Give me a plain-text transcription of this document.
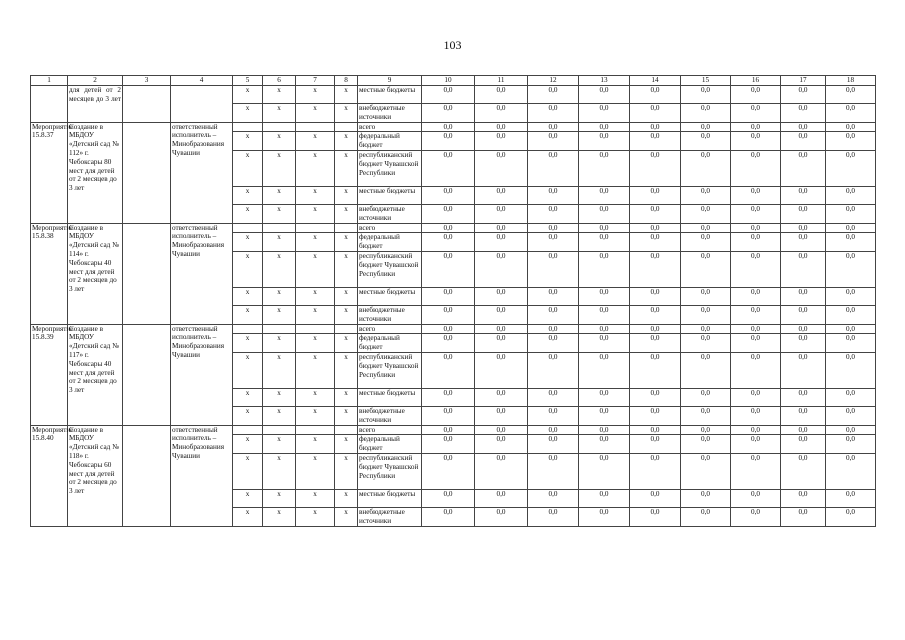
103
1	2	3	4	5	6	7	8	9	10	11	12	13	14	15	16	17	18
	для детей от 2 месяцев до 3 лет			х	х	х	х	местные бюджеты	0,0	0,0	0,0	0,0	0,0	0,0	0,0	0,0	0,0
				х	х	х	х	внебюджетные источники	0,0	0,0	0,0	0,0	0,0	0,0	0,0	0,0	0,0
Мероприятие 15.8.37	Создание в МБДОУ «Детский сад № 112» г. Чебоксары 80 мест для детей от 2 месяцев до 3 лет		ответственный исполнитель – Минобразования Чувашии					всего	0,0	0,0	0,0	0,0	0,0	0,0	0,0	0,0	0,0
				х	х	х	х	федеральный бюджет	0,0	0,0	0,0	0,0	0,0	0,0	0,0	0,0	0,0
				х	х	х	х	республиканский бюджет Чувашской Республики	0,0	0,0	0,0	0,0	0,0	0,0	0,0	0,0	0,0
				х	х	х	х	местные бюджеты	0,0	0,0	0,0	0,0	0,0	0,0	0,0	0,0	0,0
				х	х	х	х	внебюджетные источники	0,0	0,0	0,0	0,0	0,0	0,0	0,0	0,0	0,0
Мероприятие 15.8.38	Создание в МБДОУ «Детский сад № 114» г. Чебоксары 40 мест для детей от 2 месяцев до 3 лет		ответственный исполнитель – Минобразования Чувашии					всего	0,0	0,0	0,0	0,0	0,0	0,0	0,0	0,0	0,0
				х	х	х	х	федеральный бюджет	0,0	0,0	0,0	0,0	0,0	0,0	0,0	0,0	0,0
				х	х	х	х	республиканский бюджет Чувашской Республики	0,0	0,0	0,0	0,0	0,0	0,0	0,0	0,0	0,0
				х	х	х	х	местные бюджеты	0,0	0,0	0,0	0,0	0,0	0,0	0,0	0,0	0,0
				х	х	х	х	внебюджетные источники	0,0	0,0	0,0	0,0	0,0	0,0	0,0	0,0	0,0
Мероприятие 15.8.39	Создание в МБДОУ «Детский сад № 117» г. Чебоксары 40 мест для детей от 2 месяцев до 3 лет		ответственный исполнитель – Минобразования Чувашии					всего	0,0	0,0	0,0	0,0	0,0	0,0	0,0	0,0	0,0
				х	х	х	х	федеральный бюджет	0,0	0,0	0,0	0,0	0,0	0,0	0,0	0,0	0,0
				х	х	х	х	республиканский бюджет Чувашской Республики	0,0	0,0	0,0	0,0	0,0	0,0	0,0	0,0	0,0
				х	х	х	х	местные бюджеты	0,0	0,0	0,0	0,0	0,0	0,0	0,0	0,0	0,0
				х	х	х	х	внебюджетные источники	0,0	0,0	0,0	0,0	0,0	0,0	0,0	0,0	0,0
Мероприятие 15.8.40	Создание в МБДОУ «Детский сад № 118» г. Чебоксары 60 мест для детей от 2 месяцев до 3 лет		ответственный исполнитель – Минобразования Чувашии					всего	0,0	0,0	0,0	0,0	0,0	0,0	0,0	0,0	0,0
				х	х	х	х	федеральный бюджет	0,0	0,0	0,0	0,0	0,0	0,0	0,0	0,0	0,0
				х	х	х	х	республиканский бюджет Чувашской Республики	0,0	0,0	0,0	0,0	0,0	0,0	0,0	0,0	0,0
				х	х	х	х	местные бюджеты	0,0	0,0	0,0	0,0	0,0	0,0	0,0	0,0	0,0
				х	х	х	х	внебюджетные источники	0,0	0,0	0,0	0,0	0,0	0,0	0,0	0,0	0,0
